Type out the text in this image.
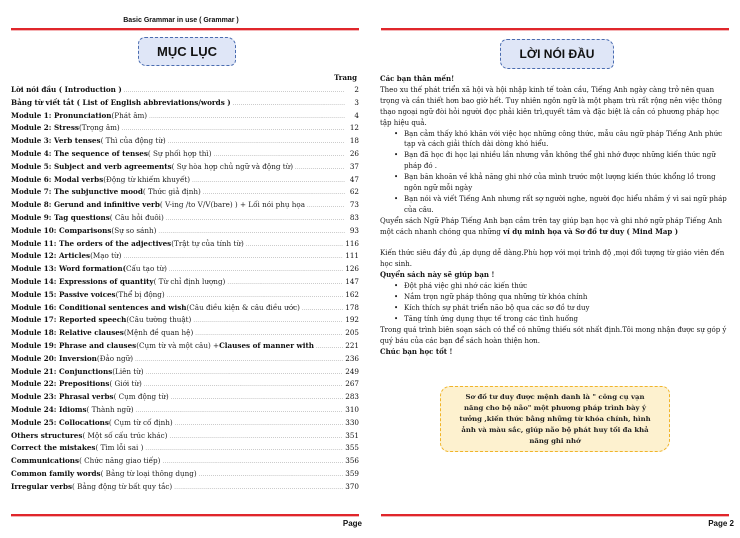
Basic Grammar in use ( Grammar )
MỤC LỤC
Trang
Lời nói đầu ( Introduction ) .....	2
Bảng từ viết tắt ( List of English abbreviations/words ) .....	3
Module 1: Pronunciation (Phát âm) .....	4
Module 2: Stress (Trọng âm) .....	12
Module 3: Verb tenses ( Thì của động từ) .....	18
Module 4: The sequence of tenses ( Sự phối hợp thì) .....	26
Module 5: Subject and verb agreements ( Sự hòa hợp chủ ngữ và động từ) .....	37
Module 6: Modal verbs (Động từ khiếm khuyết) .....	47
Module 7: The subjunctive mood ( Thức giả định) .....	62
Module 8: Gerund and infinitive verb ( V-ing /to V/V(bare) ) + Lối nói phụ họa .....	73
Module 9: Tag questions ( Câu hỏi đuôi) .....	83
Module 10: Comparisons (Sự so sánh) .....	93
Module 11: The orders of the adjectives (Trật tự của tính từ) .....	116
Module 12: Articles (Mạo từ) .....	111
Module 13: Word formation( Cấu tạo từ) .....	126
Module 14: Expressions of quantity ( Từ chỉ định lượng) .....	147
Module 15: Passive voices (Thể bị động) .....	162
Module 16: Conditional sentences and wish (Câu điều kiện & câu điều ước) .....	178
Module 17: Reported speech (Câu tường thuật) .....	192
Module 18: Relative clauses (Mệnh đề quan hệ) .....	205
Module 19: Phrase and clauses (Cụm từ và một câu) + Clauses of manner with .....	221
Module 20: Inversion (Đảo ngữ) .....	236
Module 21: Conjunctions (Liên từ) .....	249
Module 22: Prepositions ( Giới từ) .....	267
Module 23: Phrasal verbs ( Cụm động từ) .....	283
Module 24: Idioms ( Thành ngữ) .....	310
Module 25: Collocations ( Cụm từ cố định) .....	330
Others structures ( Một số cấu trúc khác) .....	351
Correct the mistakes ( Tìm lỗi sai ) .....	355
Communications ( Chức năng giao tiếp) .....	356
Common family words ( Bảng từ loại thông dụng) .....	359
Irregular verbs ( Bảng động từ bất quy tắc) .....	370
Page
LỜI NÓI ĐẦU

Các bạn thân mến!

Theo xu thế phát triển xã hội và hội nhập kinh tế toàn cầu, Tiếng Anh ngày càng trở nên quan trọng và cần thiết hơn bao giờ hết. Tuy nhiên ngôn ngữ là một phạm trù rất rộng nên việc thông thạo ngoại ngữ đòi hỏi người đọc phải kiên trì,quyết tâm và đặc biệt là cần có phương pháp học tập hiệu quả.

• Bạn cảm thấy khó khăn với việc học những công thức, mẫu câu ngữ pháp Tiếng Anh phức tạp và cách giải thích dài dòng khó hiểu.
• Bạn đã học đi học lại nhiều lần nhưng vẫn không thể ghi nhớ được những kiến thức ngữ pháp đó .
• Bạn băn khoăn về khả năng ghi nhớ của mình trước một lượng kiến thức khổng lồ trong ngôn ngữ mỗi ngày
• Bạn nói và viết Tiếng Anh nhưng rất sợ người nghe, người đọc hiểu nhầm ý vì sai ngữ pháp của câu.

Quyển sách Ngữ Pháp Tiếng Anh bạn cầm trên tay giúp bạn học và ghi nhớ ngữ pháp Tiếng Anh một cách nhanh chóng qua những ví dụ minh họa và Sơ đồ tư duy ( Mind Map )

Kiến thức siêu đầy đủ ,áp dụng dễ dàng.Phù hợp với mọi trình độ ,mọi đối tượng từ giáo viên đến học sinh.

Quyển sách này sẽ giúp bạn !

• Đột phá việc ghi nhớ các kiến thức
• Nắm trọn ngữ pháp thông qua những từ khóa chính
• Kích thích sự phát triển não bộ qua các sơ đồ tư duy
• Tăng tính ứng dụng thực tế trong các tình huống

Trong quá trình biên soạn sách có thể có những thiếu sót nhất định.Tôi mong nhận được sự góp ý quý báu của các bạn để sách hoàn thiện hơn.

Chúc bạn học tốt !

Sơ đồ tư duy được mệnh danh là " công cụ vạn năng cho bộ não" một phương pháp trình bày ý tưởng ,kiến thức bằng những từ khóa chính, hình ảnh và màu sắc, giúp não bộ phát huy tối đa khả năng ghi nhớ
Page 2
